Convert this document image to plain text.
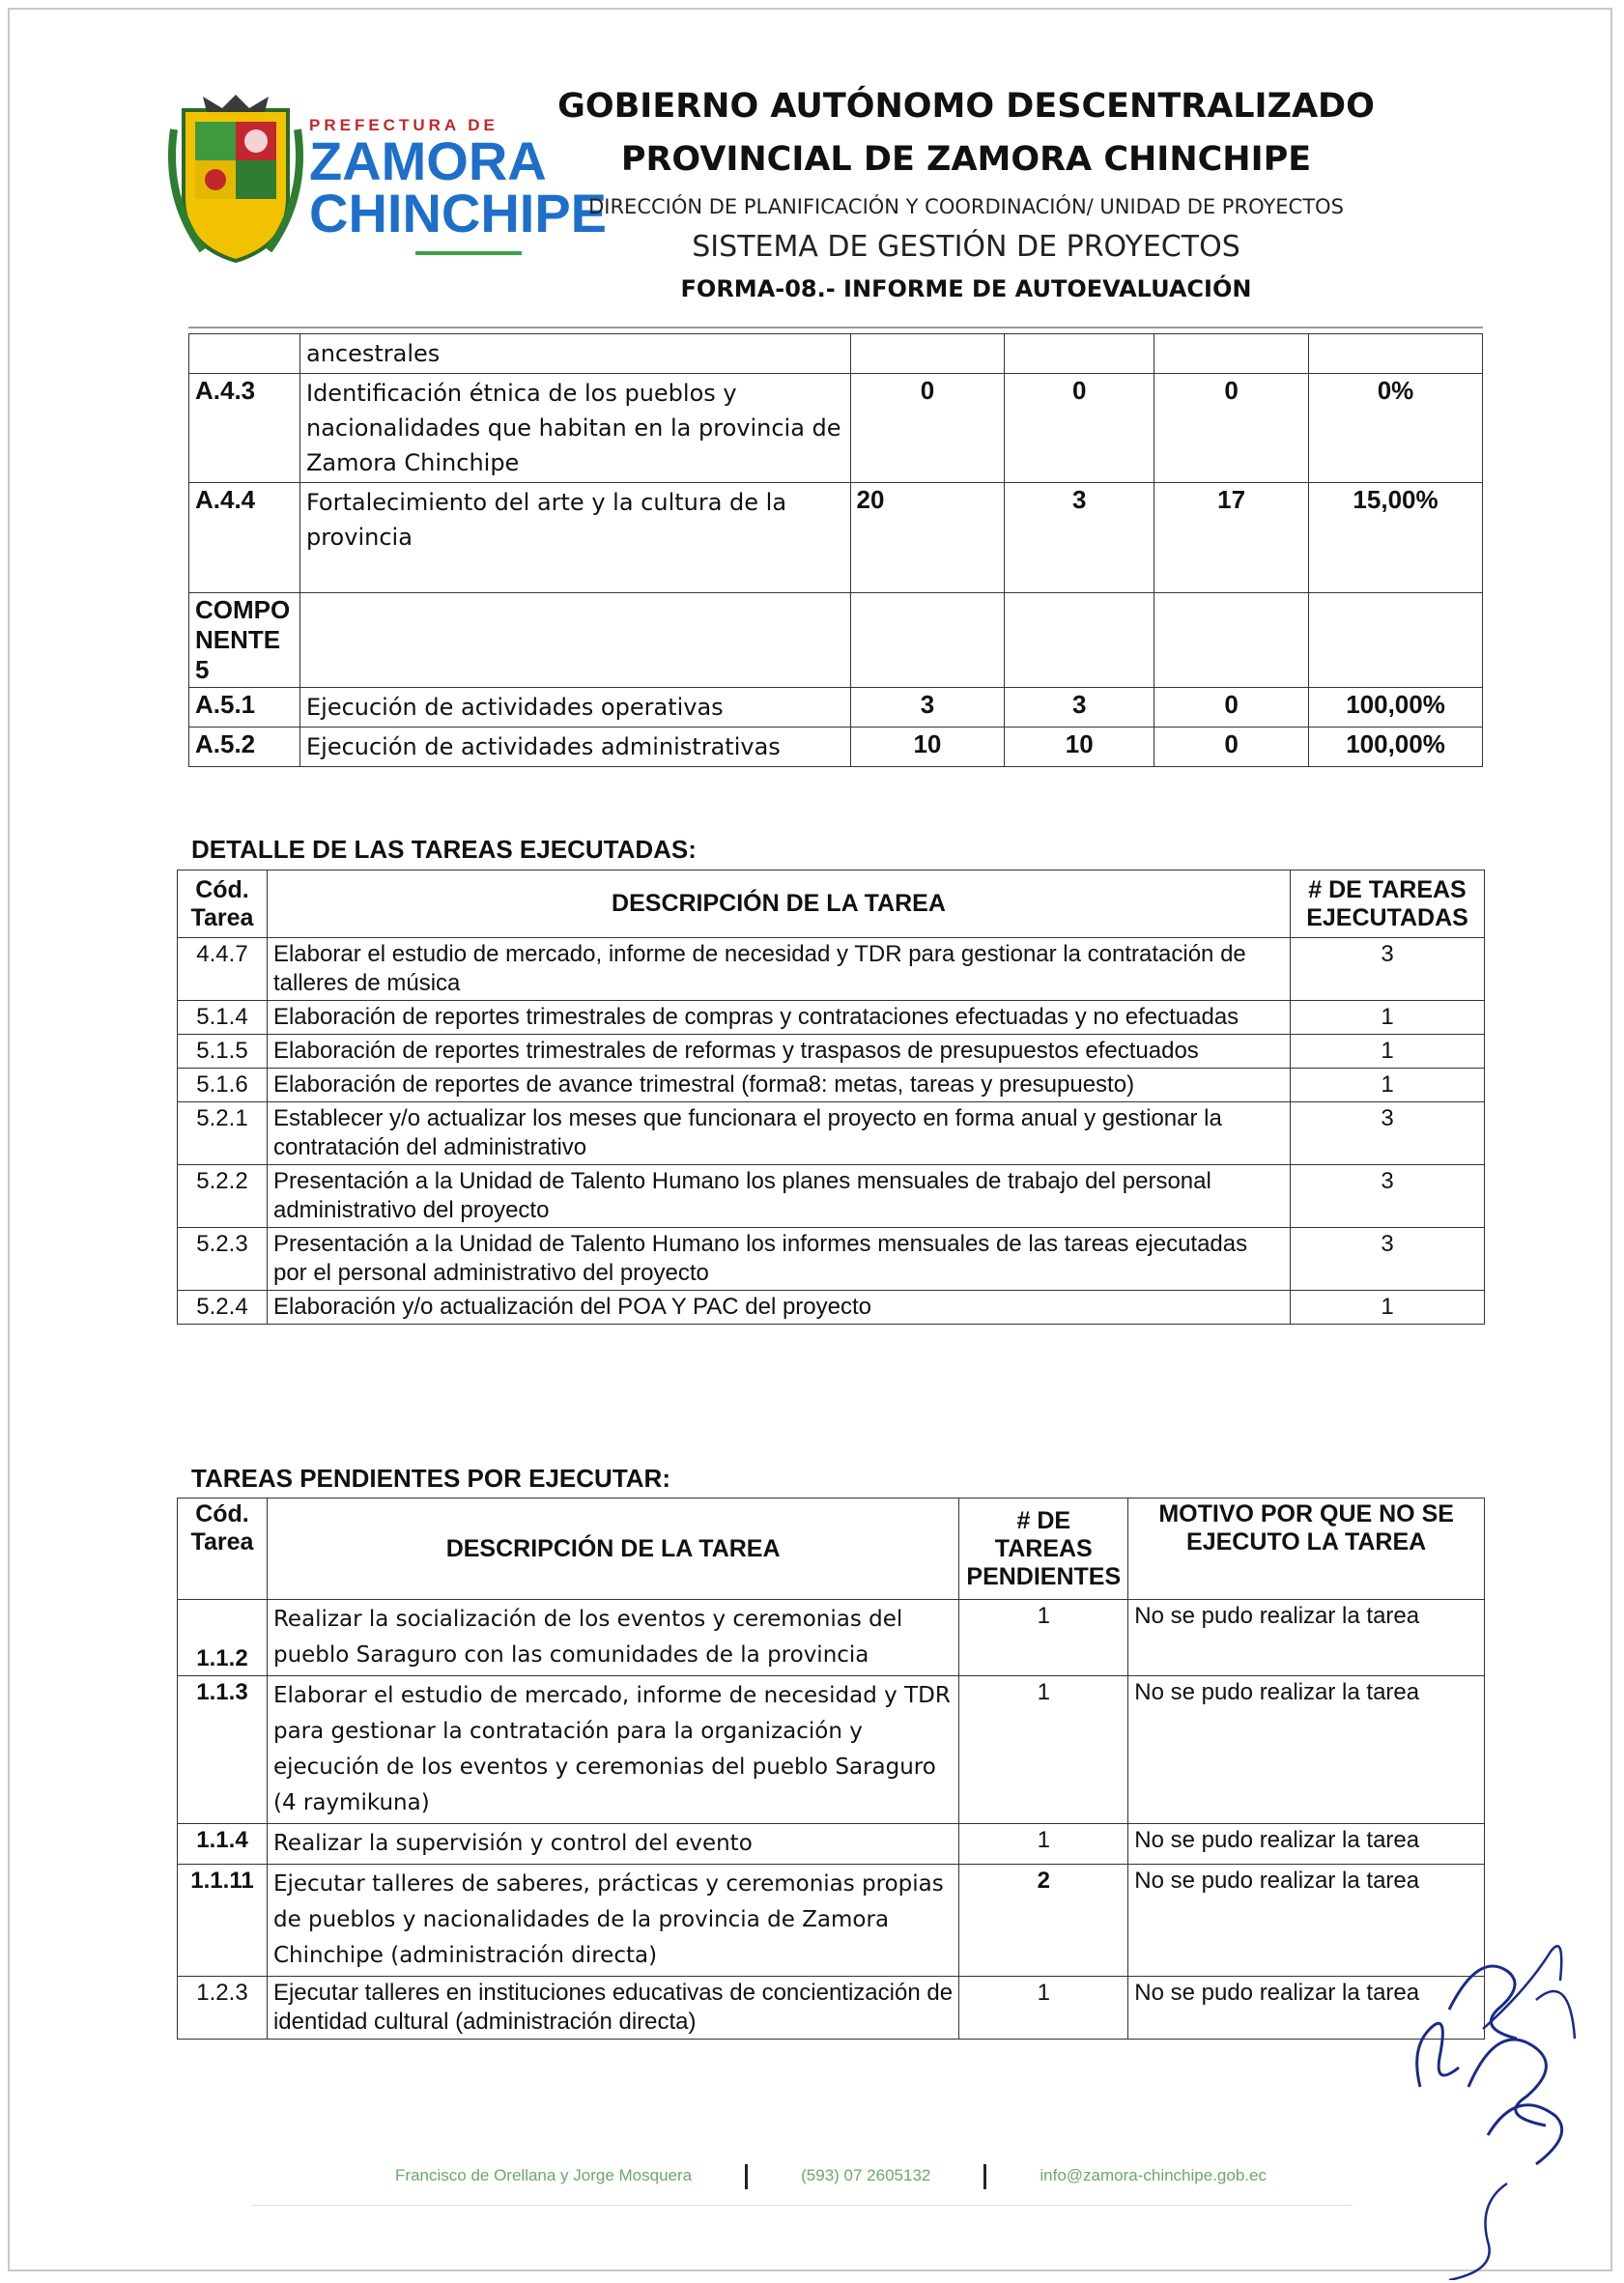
PREFECTURA DE
ZAMORA
CHINCHIPE
GOBIERNO AUTÓNOMO DESCENTRALIZADO
PROVINCIAL DE ZAMORA CHINCHIPE
DIRECCIÓN DE PLANIFICACIÓN Y COORDINACIÓN/ UNIDAD DE PROYECTOS
SISTEMA DE GESTIÓN DE PROYECTOS
FORMA-08.- INFORME DE AUTOEVALUACIÓN
	ancestrales				
A.4.3	Identificación étnica de los pueblos y nacionalidades que habitan en la provincia de Zamora Chinchipe	0	0	0	0%
A.4.4	Fortalecimiento del arte y la cultura de la provincia	20	3	17	15,00%
COMPO NENTE 5					
A.5.1	Ejecución de actividades operativas	3	3	0	100,00%
A.5.2	Ejecución de actividades administrativas	10	10	0	100,00%
DETALLE DE LAS TAREAS EJECUTADAS:
Cód. Tarea	DESCRIPCIÓN DE LA TAREA	# DE TAREAS EJECUTADAS
4.4.7	Elaborar el estudio de mercado, informe de necesidad y TDR para gestionar la contratación de talleres de música	3
5.1.4	Elaboración de reportes trimestrales de compras y contrataciones efectuadas y no efectuadas	1
5.1.5	Elaboración de reportes trimestrales de reformas y traspasos de presupuestos efectuados	1
5.1.6	Elaboración de reportes de avance trimestral (forma8: metas, tareas y presupuesto)	1
5.2.1	Establecer y/o actualizar los meses que funcionara el proyecto en forma anual y gestionar la contratación del administrativo	3
5.2.2	Presentación a la Unidad de Talento Humano los planes mensuales de trabajo del personal administrativo del proyecto	3
5.2.3	Presentación a la Unidad de Talento Humano los informes mensuales de las tareas ejecutadas por el personal administrativo del proyecto	3
5.2.4	Elaboración y/o actualización del POA Y PAC del proyecto	1
TAREAS PENDIENTES POR EJECUTAR:
Cód. Tarea	DESCRIPCIÓN DE LA TAREA	# DE TAREAS PENDIENTES	MOTIVO POR QUE NO SE EJECUTO LA TAREA
1.1.2	Realizar la socialización de los eventos y ceremonias del pueblo Saraguro con las comunidades de la provincia	1	No se pudo realizar la tarea
1.1.3	Elaborar el estudio de mercado, informe de necesidad y TDR para gestionar la contratación para la organización y ejecución de los eventos y ceremonias del pueblo Saraguro (4 raymikuna)	1	No se pudo realizar la tarea
1.1.4	Realizar la supervisión y control del evento	1	No se pudo realizar la tarea
1.1.11	Ejecutar talleres de saberes, prácticas y ceremonias propias de pueblos y nacionalidades de la provincia de Zamora Chinchipe (administración directa)	2	No se pudo realizar la tarea
1.2.3	Ejecutar talleres en instituciones educativas de concientización de identidad cultural (administración directa)	1	No se pudo realizar la tarea
Francisco de Orellana y Jorge Mosquera	(593) 07 2605132	info@zamora-chinchipe.gob.ec
